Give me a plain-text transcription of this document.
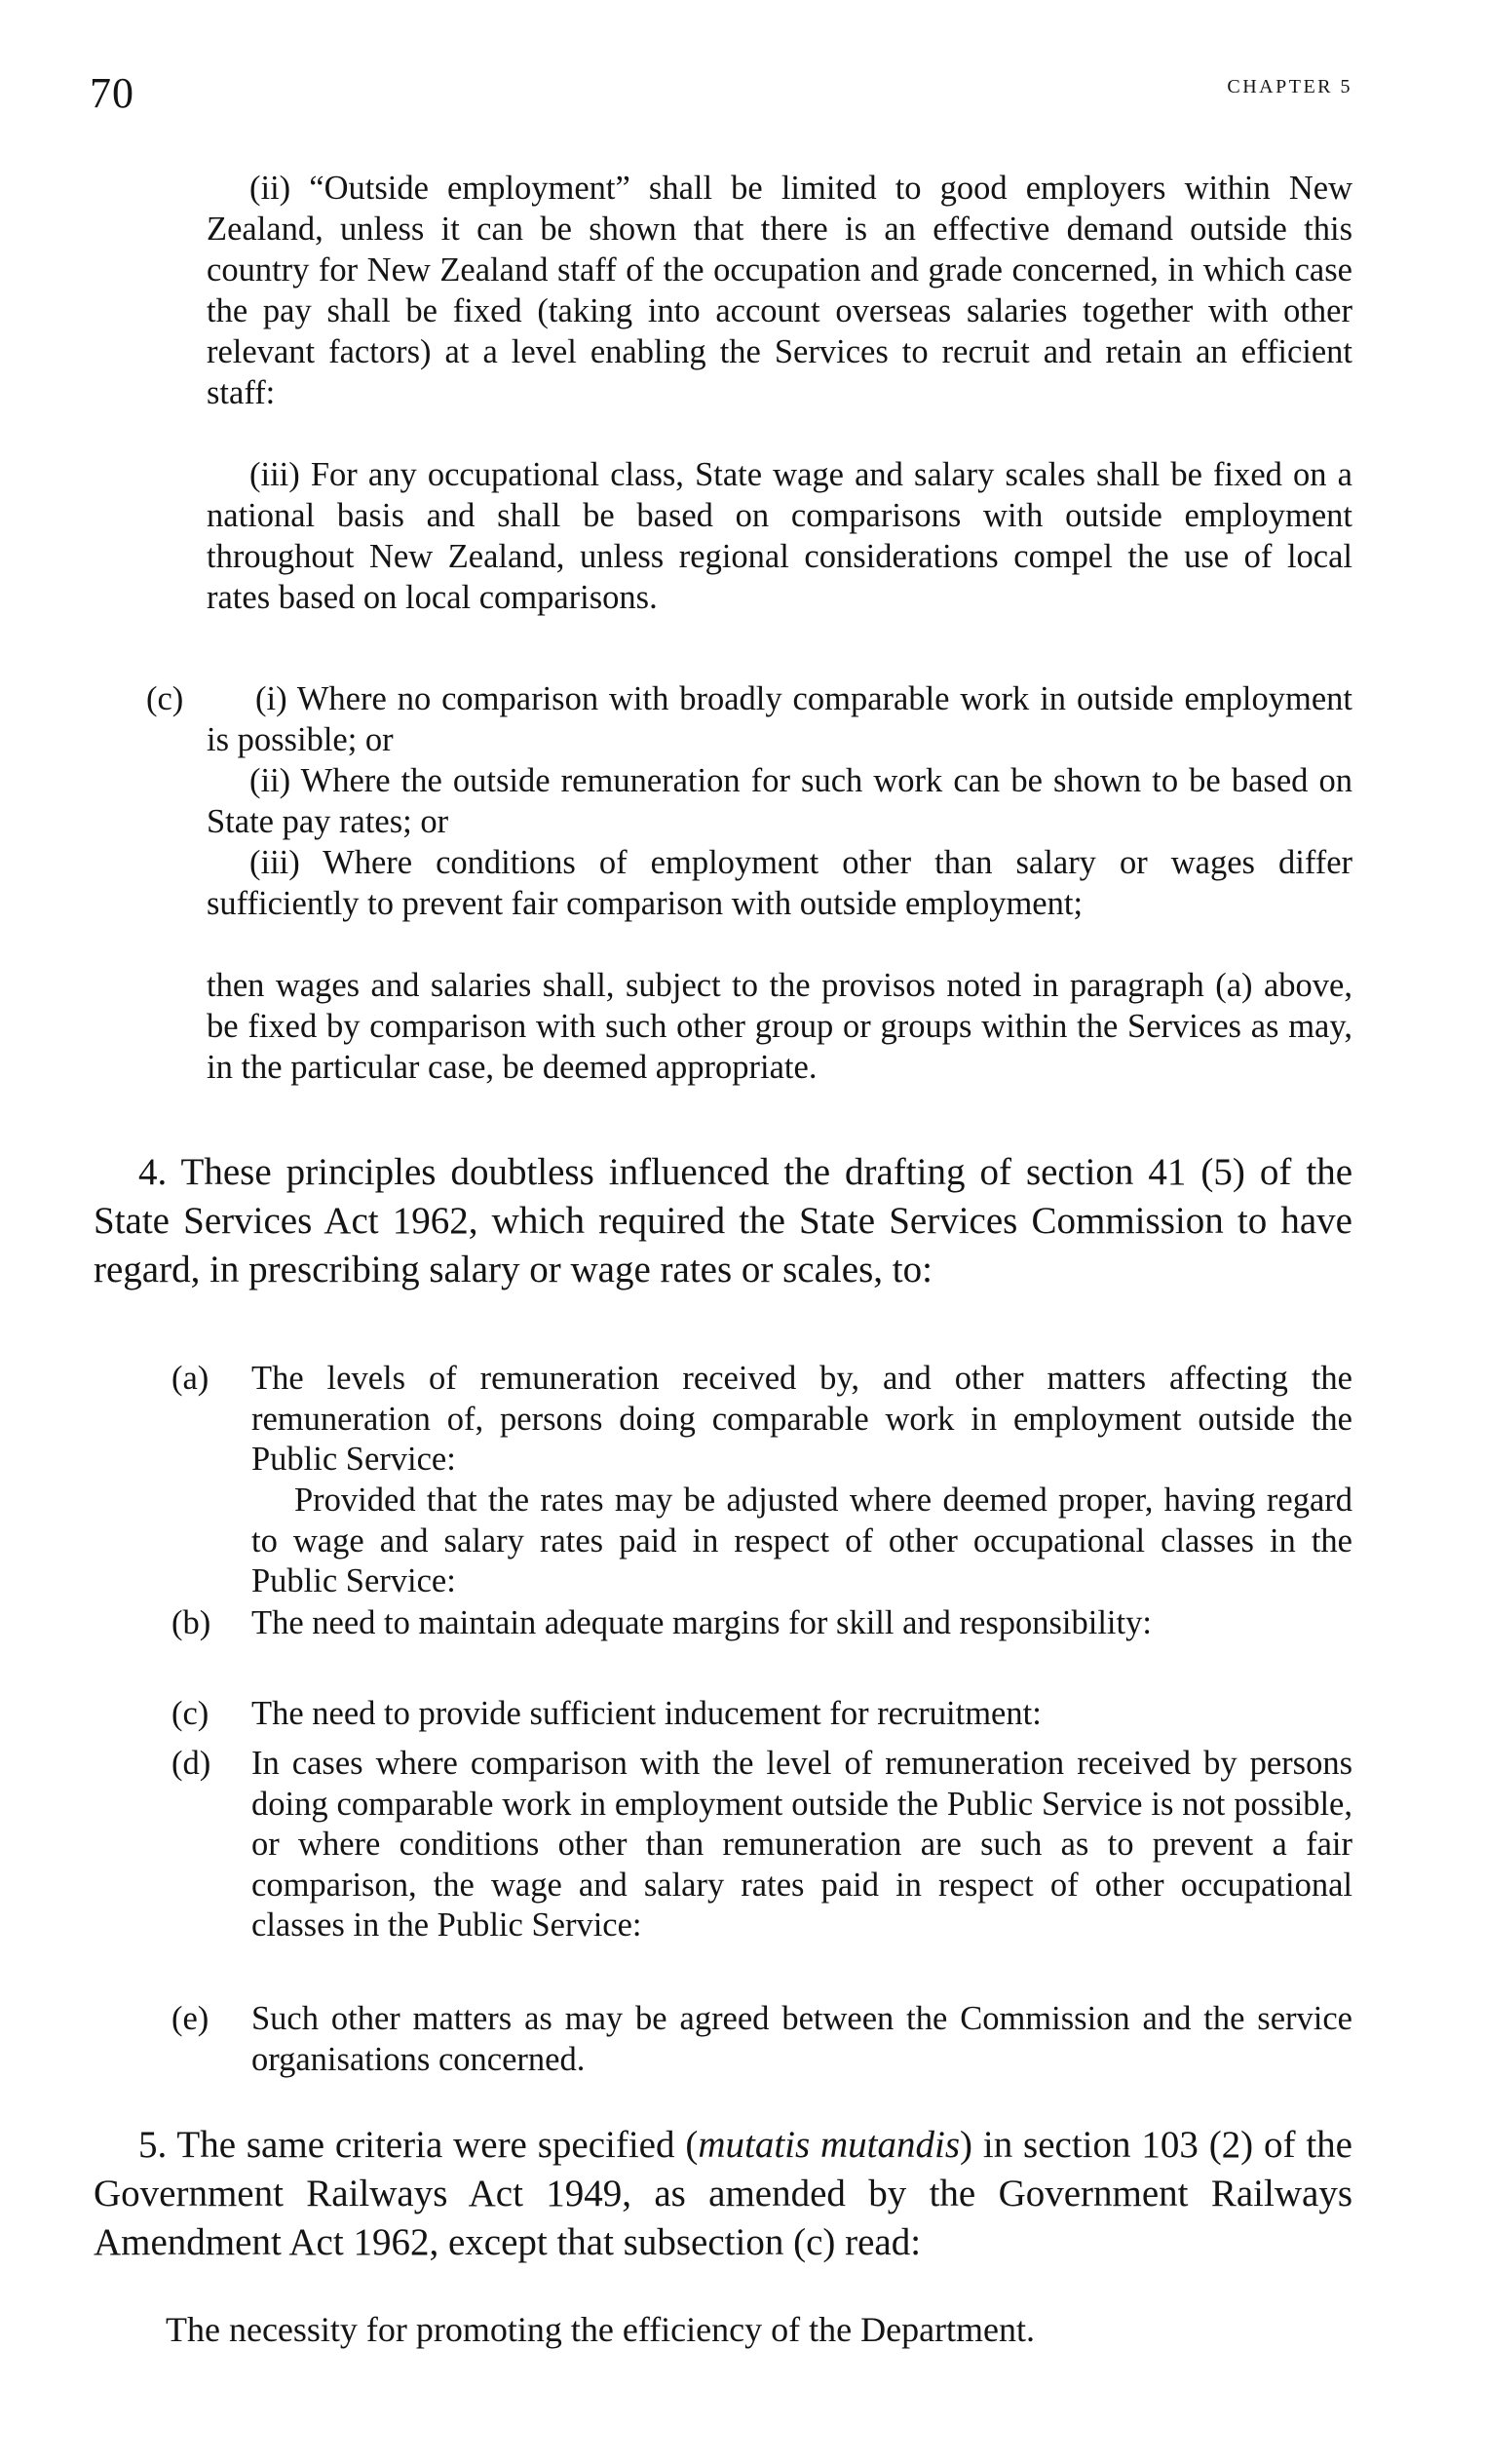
70	CHAPTER 5

(ii) “Outside employment” shall be limited to good employers within New Zealand, unless it can be shown that there is an effective demand outside this country for New Zealand staff of the occupation and grade concerned, in which case the pay shall be fixed (taking into account overseas salaries together with other relevant factors) at a level enabling the Services to recruit and retain an efficient staff:

(iii) For any occupational class, State wage and salary scales shall be fixed on a national basis and shall be based on comparisons with outside employment throughout New Zealand, unless regional considerations compel the use of local rates based on local comparisons.

(c)	(i) Where no comparison with broadly comparable work in outside employment is possible; or

(ii) Where the outside remuneration for such work can be shown to be based on State pay rates; or

(iii) Where conditions of employment other than salary or wages differ sufficiently to prevent fair comparison with outside employment;

then wages and salaries shall, subject to the provisos noted in paragraph (a) above, be fixed by comparison with such other group or groups within the Services as may, in the particular case, be deemed appropriate.

4. These principles doubtless influenced the drafting of section 41 (5) of the State Services Act 1962, which required the State Services Commission to have regard, in prescribing salary or wage rates or scales, to:

(a) The levels of remuneration received by, and other matters affecting the remuneration of, persons doing comparable work in employment outside the Public Service:

Provided that the rates may be adjusted where deemed proper, having regard to wage and salary rates paid in respect of other occupational classes in the Public Service:

(b) The need to maintain adequate margins for skill and responsibility:
(c) The need to provide sufficient inducement for recruitment:
(d) In cases where comparison with the level of remuneration received by persons doing comparable work in employment outside the Public Service is not possible, or where conditions other than remuneration are such as to prevent a fair comparison, the wage and salary rates paid in respect of other occupational classes in the Public Service:
(e) Such other matters as may be agreed between the Commission and the service organisations concerned.

5. The same criteria were specified (mutatis mutandis) in section 103 (2) of the Government Railways Act 1949, as amended by the Government Railways Amendment Act 1962, except that subsection (c) read:

The necessity for promoting the efficiency of the Department.
